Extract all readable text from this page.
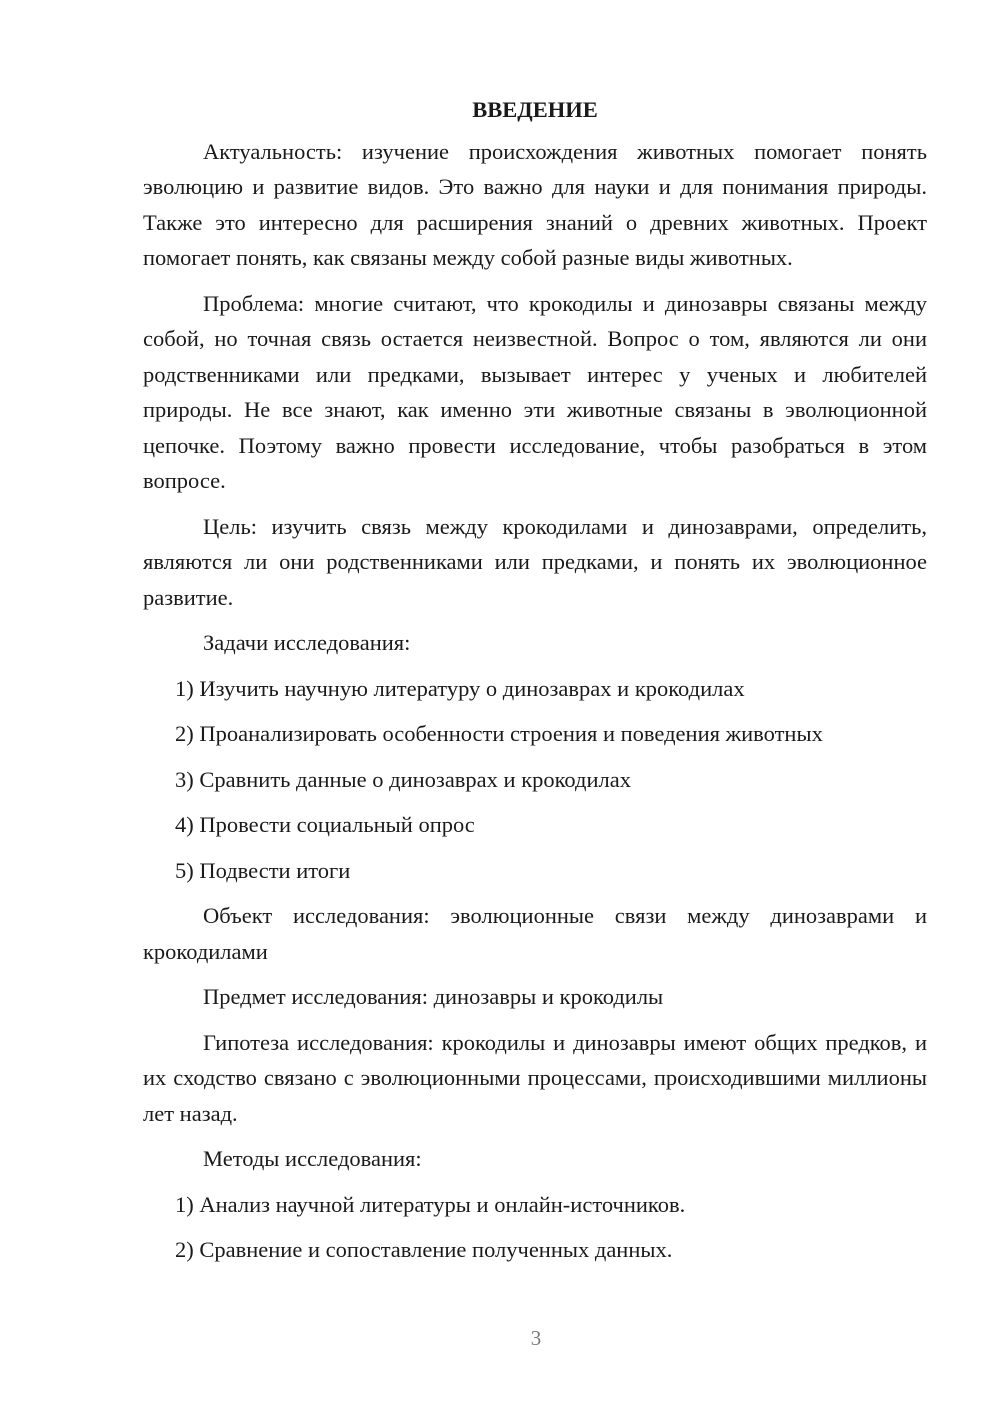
ВВЕДЕНИЕ

Актуальность: изучение происхождения животных помогает понять эволюцию и развитие видов. Это важно для науки и для понимания природы. Также это интересно для расширения знаний о древних животных. Проект помогает понять, как связаны между собой разные виды животных.

Проблема: многие считают, что крокодилы и динозавры связаны между собой, но точная связь остается неизвестной. Вопрос о том, являются ли они родственниками или предками, вызывает интерес у ученых и любителей природы. Не все знают, как именно эти животные связаны в эволюционной цепочке. Поэтому важно провести исследование, чтобы разобраться в этом вопросе.

Цель: изучить связь между крокодилами и динозаврами, определить, являются ли они родственниками или предками, и понять их эволюционное развитие.

Задачи исследования:

1) Изучить научную литературу о динозаврах и крокодилах
2) Проанализировать особенности строения и поведения животных
3) Сравнить данные о динозаврах и крокодилах
4) Провести социальный опрос
5) Подвести итоги

Объект исследования: эволюционные связи между динозаврами и крокодилами

Предмет исследования: динозавры и крокодилы

Гипотеза исследования: крокодилы и динозавры имеют общих предков, и их сходство связано с эволюционными процессами, происходившими миллионы лет назад.

Методы исследования:

1) Анализ научной литературы и онлайн-источников.
2) Сравнение и сопоставление полученных данных.
3
